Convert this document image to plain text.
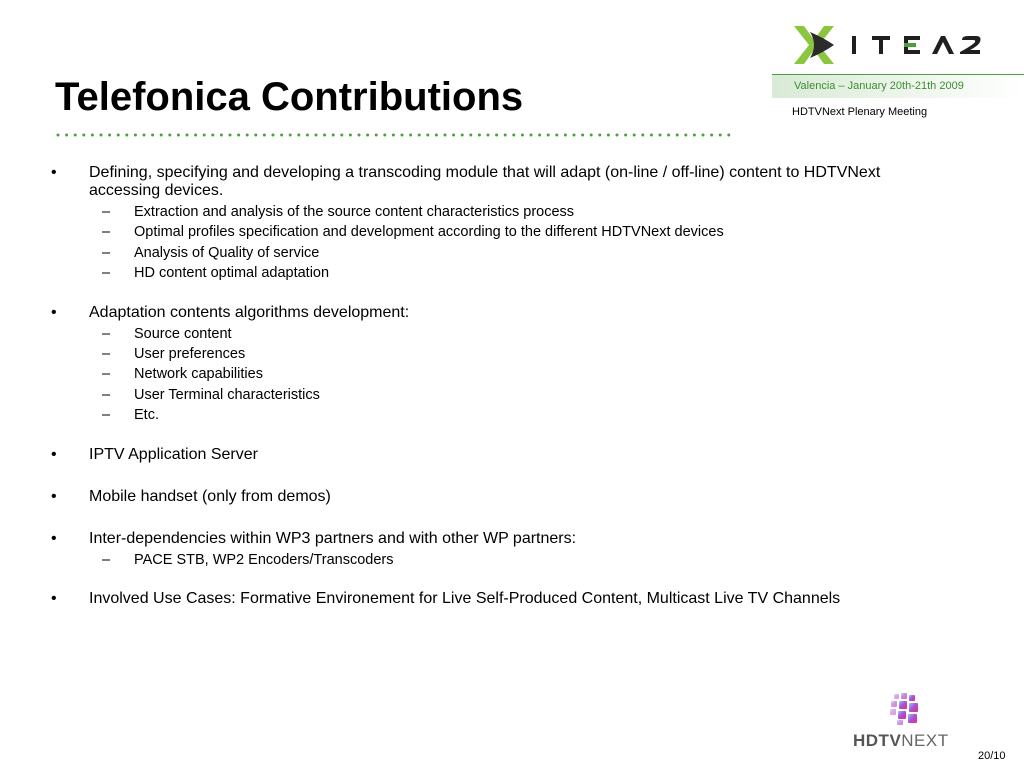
Valencia – January 20th-21th 2009
HDTVNext Plenary Meeting
Telefonica Contributions
• Defining, specifying and developing a transcoding module that will adapt (on-line / off-line) content to HDTVNext accessing devices.
– Extraction and analysis of the source content characteristics process
– Optimal profiles specification and development according to the different HDTVNext devices
– Analysis of Quality of service
– HD content optimal adaptation
• Adaptation contents algorithms development:
– Source content
– User preferences
– Network capabilities
– User Terminal characteristics
– Etc.
• IPTV Application Server
• Mobile handset (only from demos)
• Inter-dependencies within WP3 partners and with other WP partners:
– PACE STB, WP2 Encoders/Transcoders
• Involved Use Cases: Formative Environement for Live Self-Produced Content, Multicast Live TV Channels
HDTVNEXT
20/10
